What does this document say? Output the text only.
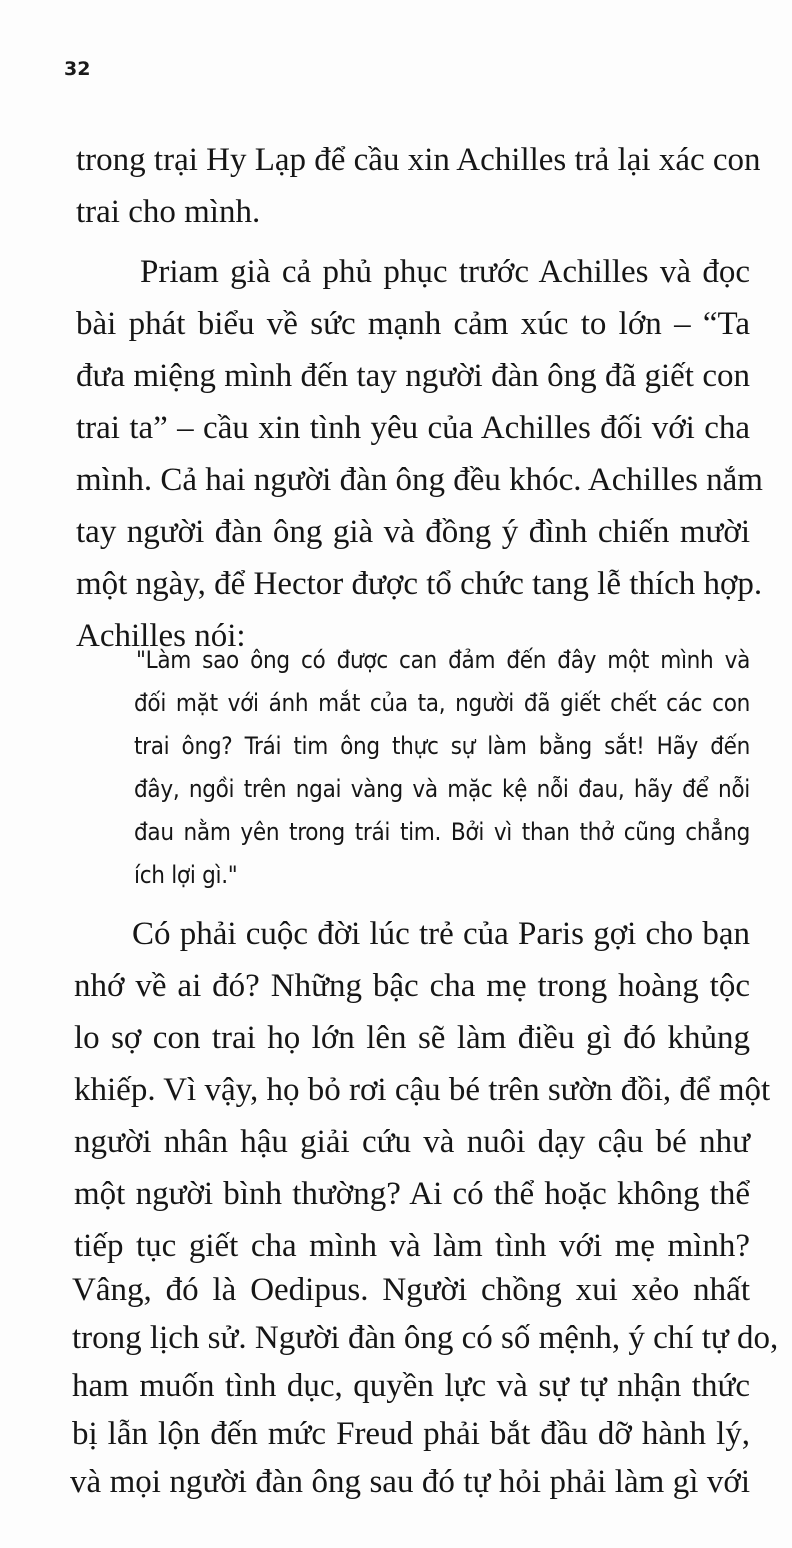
32
trong trại Hy Lạp để cầu xin Achilles trả lại xác con
trai cho mình.
Priam già cả phủ phục trước Achilles và đọc
bài phát biểu về sức mạnh cảm xúc to lớn – “Ta
đưa miệng mình đến tay người đàn ông đã giết con
trai ta” – cầu xin tình yêu của Achilles đối với cha
mình. Cả hai người đàn ông đều khóc. Achilles nắm
tay người đàn ông già và đồng ý đình chiến mười
một ngày, để Hector được tổ chức tang lễ thích hợp.
Achilles nói:
"Làm sao ông có được can đảm đến đây một mình và
đối mặt với ánh mắt của ta, người đã giết chết các con
trai ông? Trái tim ông thực sự làm bằng sắt! Hãy đến
đây, ngồi trên ngai vàng và mặc kệ nỗi đau, hãy để nỗi
đau nằm yên trong trái tim. Bởi vì than thở cũng chẳng
ích lợi gì."
Có phải cuộc đời lúc trẻ của Paris gợi cho bạn
nhớ về ai đó? Những bậc cha mẹ trong hoàng tộc
lo sợ con trai họ lớn lên sẽ làm điều gì đó khủng
khiếp. Vì vậy, họ bỏ rơi cậu bé trên sườn đồi, để một
người nhân hậu giải cứu và nuôi dạy cậu bé như
một người bình thường? Ai có thể hoặc không thể
tiếp tục giết cha mình và làm tình với mẹ mình?
Vâng, đó là Oedipus. Người chồng xui xẻo nhất
trong lịch sử. Người đàn ông có số mệnh, ý chí tự do,
ham muốn tình dục, quyền lực và sự tự nhận thức
bị lẫn lộn đến mức Freud phải bắt đầu dỡ hành lý,
và mọi người đàn ông sau đó tự hỏi phải làm gì với
